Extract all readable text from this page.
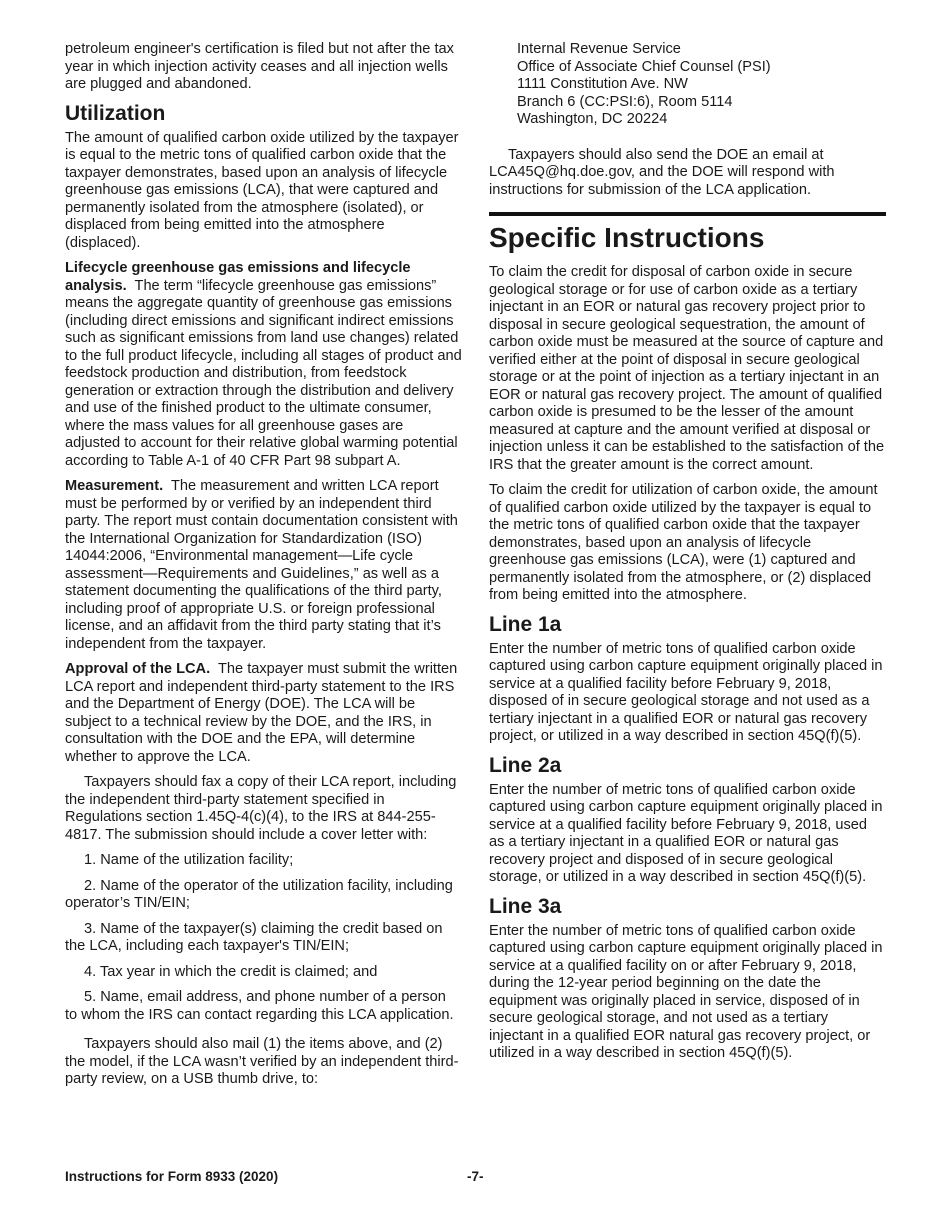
petroleum engineer's certification is filed but not after the tax year in which injection activity ceases and all injection wells are plugged and abandoned.

Utilization

The amount of qualified carbon oxide utilized by the taxpayer is equal to the metric tons of qualified carbon oxide that the taxpayer demonstrates, based upon an analysis of lifecycle greenhouse gas emissions (LCA), that were captured and permanently isolated from the atmosphere (isolated), or displaced from being emitted into the atmosphere (displaced).

Lifecycle greenhouse gas emissions and lifecycle analysis. The term “lifecycle greenhouse gas emissions” means the aggregate quantity of greenhouse gas emissions (including direct emissions and significant indirect emissions such as significant emissions from land use changes) related to the full product lifecycle, including all stages of product and feedstock production and distribution, from feedstock generation or extraction through the distribution and delivery and use of the finished product to the ultimate consumer, where the mass values for all greenhouse gases are adjusted to account for their relative global warming potential according to Table A-1 of 40 CFR Part 98 subpart A.

Measurement. The measurement and written LCA report must be performed by or verified by an independent third party. The report must contain documentation consistent with the International Organization for Standardization (ISO) 14044:2006, “Environmental management—Life cycle assessment—Requirements and Guidelines,” as well as a statement documenting the qualifications of the third party, including proof of appropriate U.S. or foreign professional license, and an affidavit from the third party stating that it’s independent from the taxpayer.

Approval of the LCA. The taxpayer must submit the written LCA report and independent third-party statement to the IRS and the Department of Energy (DOE). The LCA will be subject to a technical review by the DOE, and the IRS, in consultation with the DOE and the EPA, will determine whether to approve the LCA.

Taxpayers should fax a copy of their LCA report, including the independent third-party statement specified in Regulations section 1.45Q-4(c)(4), to the IRS at 844-255-4817. The submission should include a cover letter with:

1. Name of the utilization facility;

2. Name of the operator of the utilization facility, including operator’s TIN/EIN;

3. Name of the taxpayer(s) claiming the credit based on the LCA, including each taxpayer's TIN/EIN;

4. Tax year in which the credit is claimed; and

5. Name, email address, and phone number of a person to whom the IRS can contact regarding this LCA application.

Taxpayers should also mail (1) the items above, and (2) the model, if the LCA wasn’t verified by an independent third-party review, on a USB thumb drive, to:

Internal Revenue Service
Office of Associate Chief Counsel (PSI)
1111 Constitution Ave. NW
Branch 6 (CC:PSI:6), Room 5114
Washington, DC 20224

Taxpayers should also send the DOE an email at LCA45Q@hq.doe.gov, and the DOE will respond with instructions for submission of the LCA application.

Specific Instructions

To claim the credit for disposal of carbon oxide in secure geological storage or for use of carbon oxide as a tertiary injectant in an EOR or natural gas recovery project prior to disposal in secure geological sequestration, the amount of carbon oxide must be measured at the source of capture and verified either at the point of disposal in secure geological storage or at the point of injection as a tertiary injectant in an EOR or natural gas recovery project. The amount of qualified carbon oxide is presumed to be the lesser of the amount measured at capture and the amount verified at disposal or injection unless it can be established to the satisfaction of the IRS that the greater amount is the correct amount.

To claim the credit for utilization of carbon oxide, the amount of qualified carbon oxide utilized by the taxpayer is equal to the metric tons of qualified carbon oxide that the taxpayer demonstrates, based upon an analysis of lifecycle greenhouse gas emissions (LCA), were (1) captured and permanently isolated from the atmosphere, or (2) displaced from being emitted into the atmosphere.

Line 1a

Enter the number of metric tons of qualified carbon oxide captured using carbon capture equipment originally placed in service at a qualified facility before February 9, 2018, disposed of in secure geological storage and not used as a tertiary injectant in a qualified EOR or natural gas recovery project, or utilized in a way described in section 45Q(f)(5).

Line 2a

Enter the number of metric tons of qualified carbon oxide captured using carbon capture equipment originally placed in service at a qualified facility before February 9, 2018, used as a tertiary injectant in a qualified EOR or natural gas recovery project and disposed of in secure geological storage, or utilized in a way described in section 45Q(f)(5).

Line 3a

Enter the number of metric tons of qualified carbon oxide captured using carbon capture equipment originally placed in service at a qualified facility on or after February 9, 2018, during the 12-year period beginning on the date the equipment was originally placed in service, disposed of in secure geological storage, and not used as a tertiary injectant in a qualified EOR natural gas recovery project, or utilized in a way described in section 45Q(f)(5).

Instructions for Form 8933 (2020)	-7-
